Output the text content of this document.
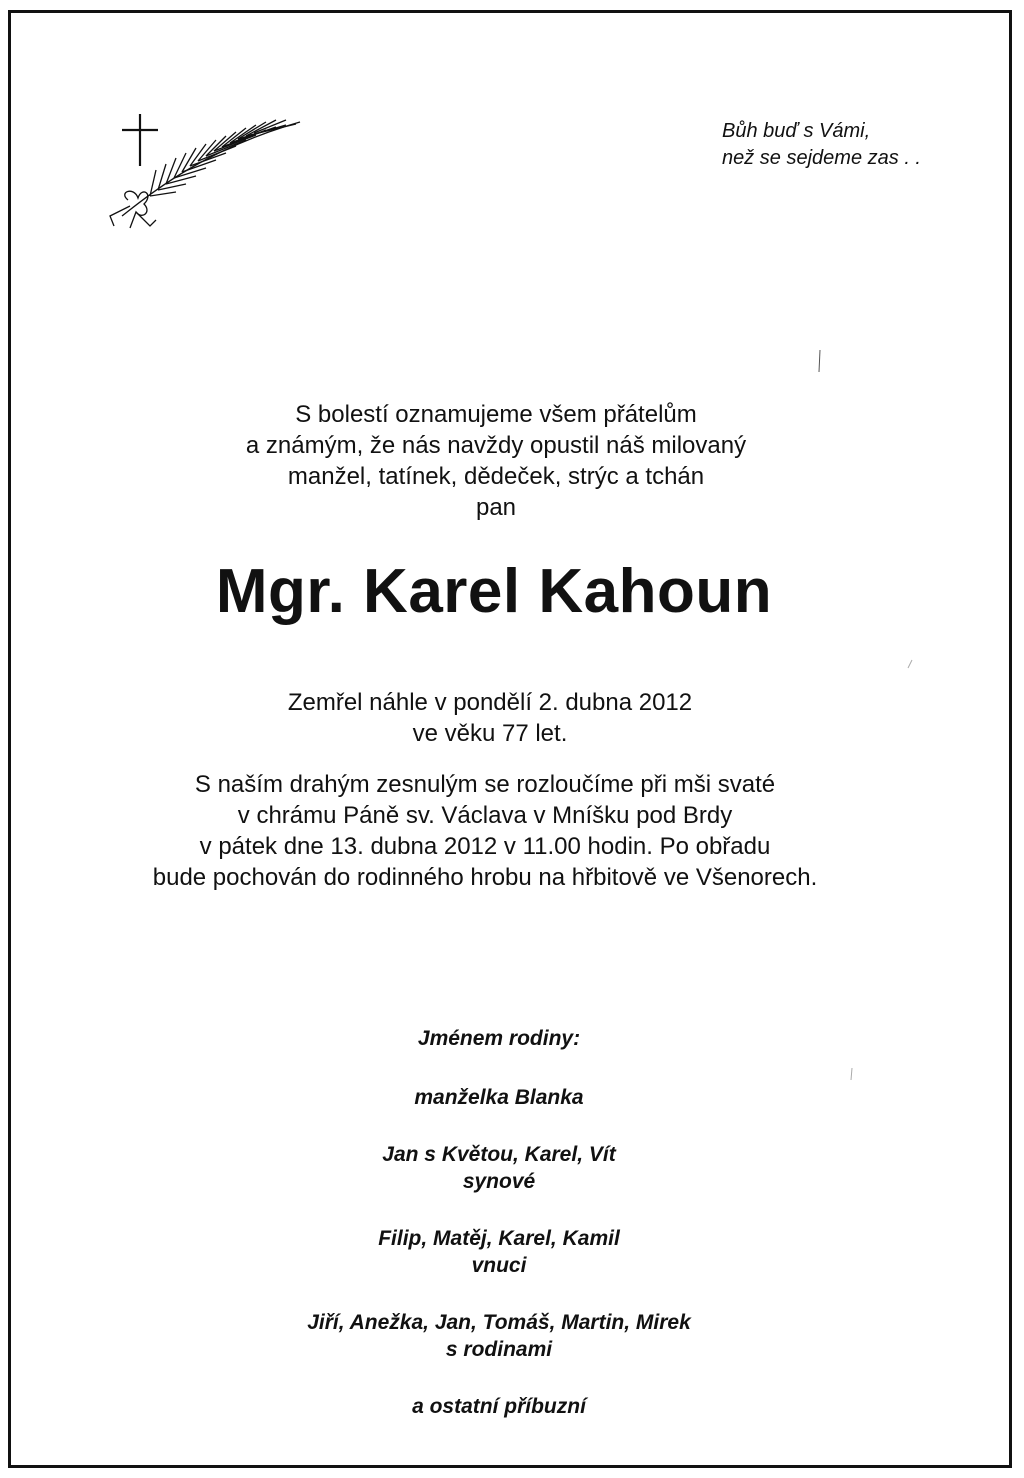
Bůh buď s Vámi,
než se sejdeme zas . .
S bolestí oznamujeme všem přátelům
a známým, že nás navždy opustil náš milovaný
manžel, tatínek, dědeček, strýc a tchán
pan
Mgr. Karel Kahoun
Zemřel náhle v pondělí 2. dubna 2012
ve věku 77 let.
S naším drahým zesnulým se rozloučíme při mši svaté
v chrámu Páně sv. Václava v Mníšku pod Brdy
v pátek dne 13. dubna 2012 v 11.00 hodin. Po obřadu
bude pochován do rodinného hrobu na hřbitově ve Všenorech.
Jménem rodiny:
manželka Blanka
Jan s Květou, Karel, Vít
synové
Filip, Matěj, Karel, Kamil
vnuci
Jiří, Anežka, Jan, Tomáš, Martin, Mirek
s rodinami
a ostatní příbuzní
